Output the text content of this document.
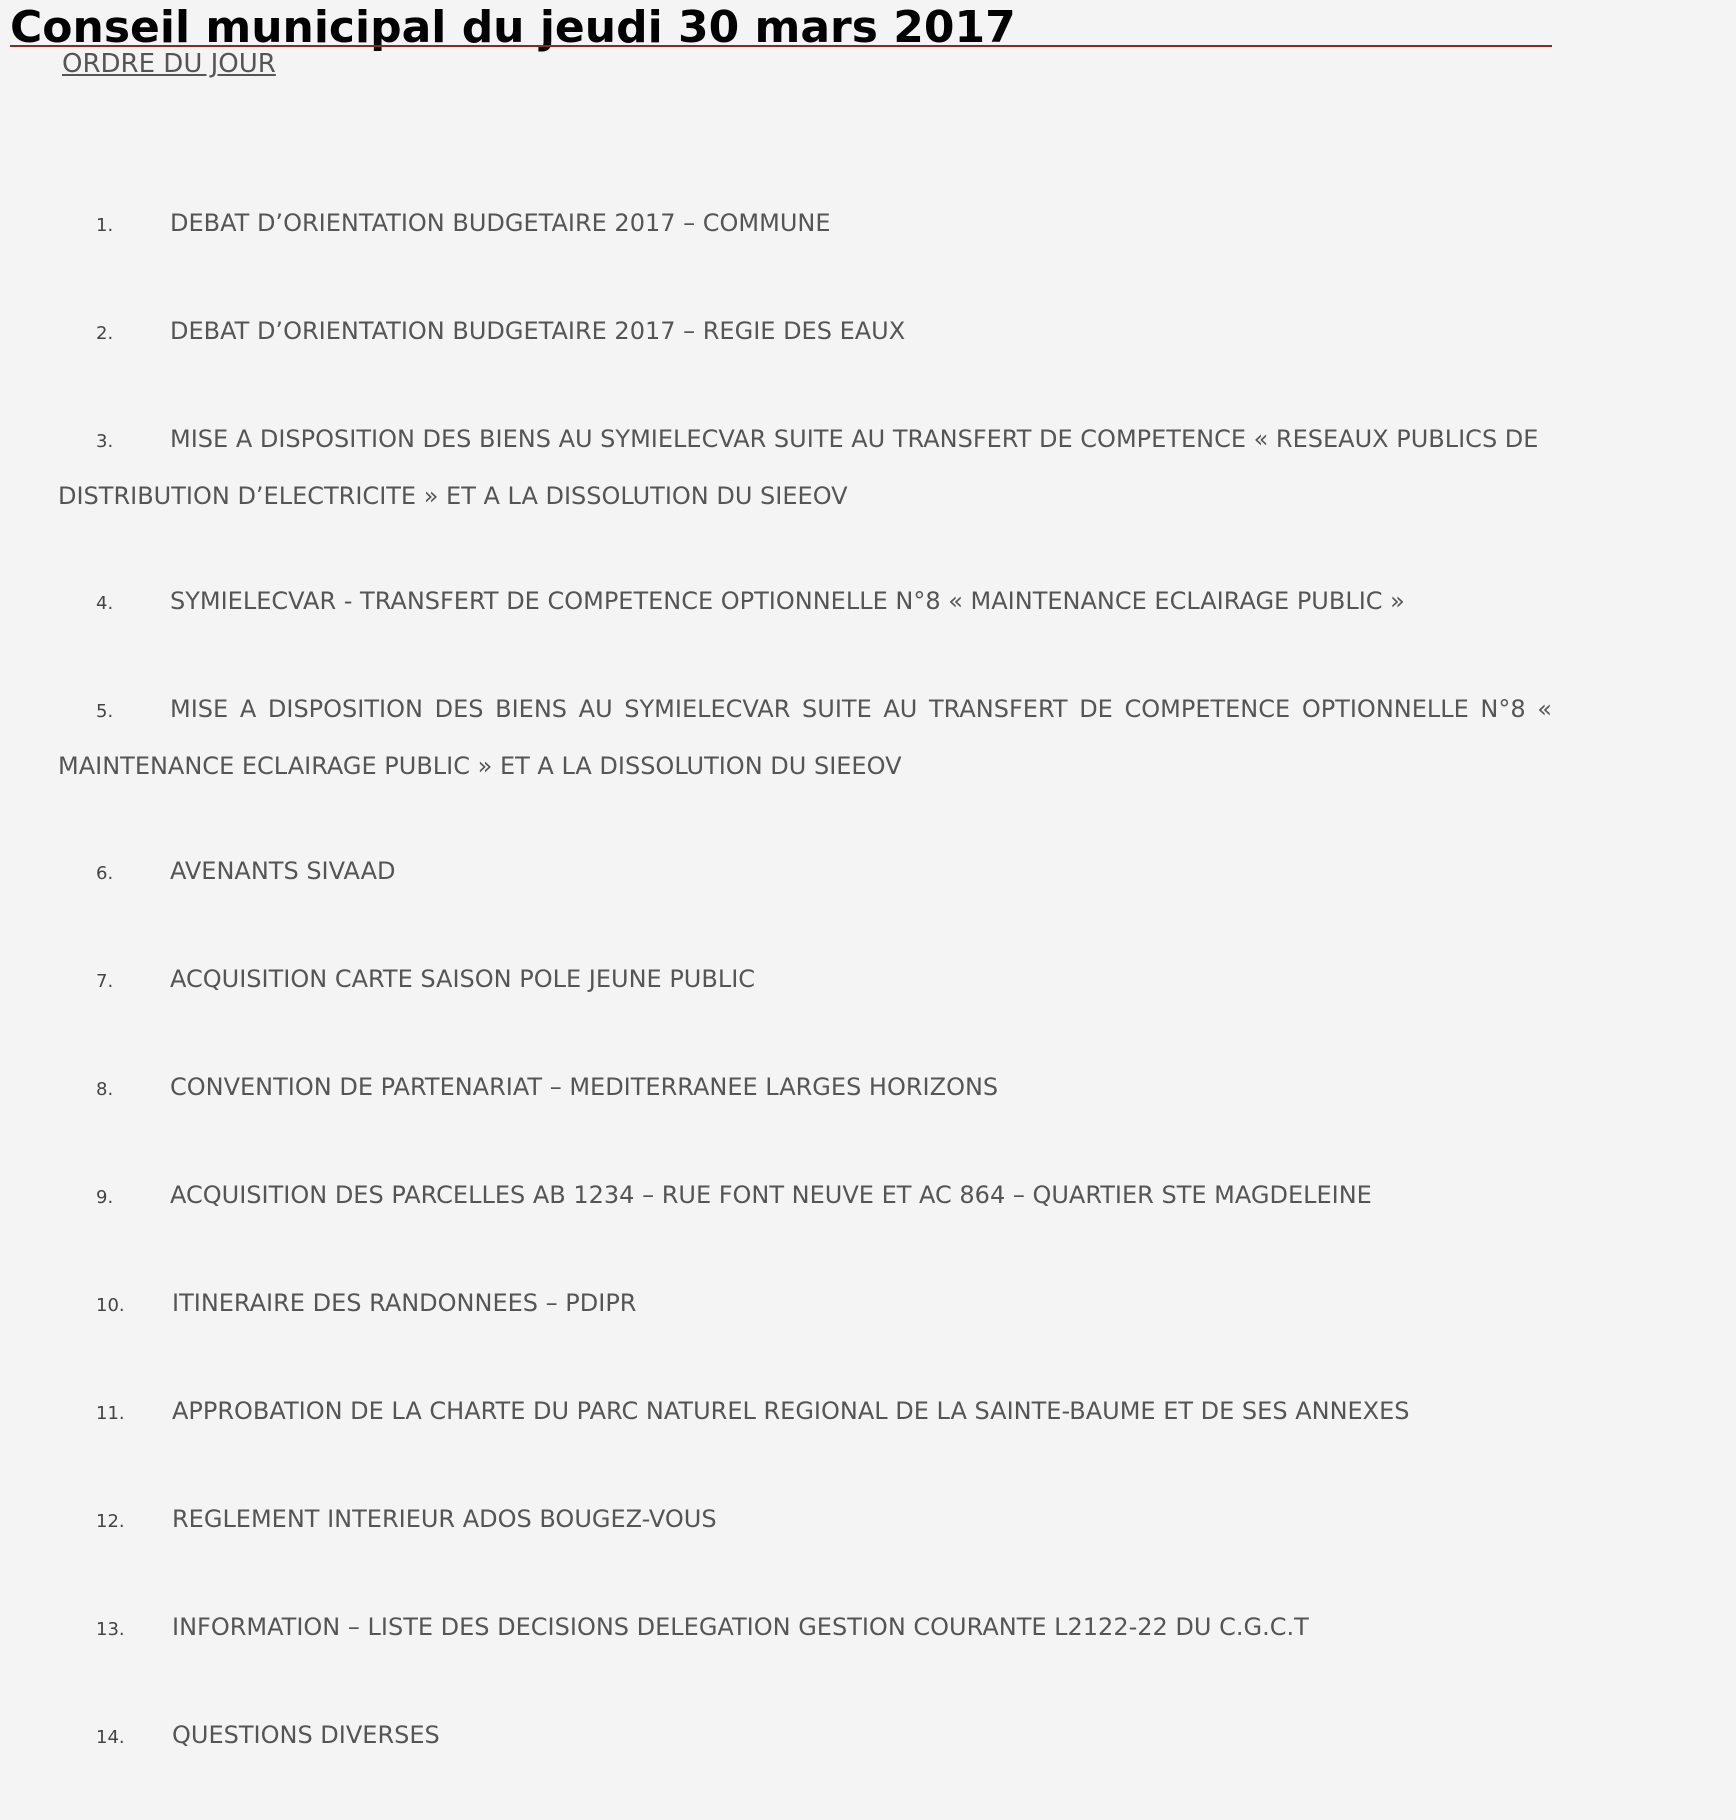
Conseil municipal du jeudi 30 mars 2017
ORDRE DU JOUR

1. DEBAT D’ORIENTATION BUDGETAIRE 2017 – COMMUNE

2. DEBAT D’ORIENTATION BUDGETAIRE 2017 – REGIE DES EAUX

3. MISE A DISPOSITION DES BIENS AU SYMIELECVAR SUITE AU TRANSFERT DE COMPETENCE « RESEAUX PUBLICS DE DISTRIBUTION D’ELECTRICITE » ET A LA DISSOLUTION DU SIEEOV

4. SYMIELECVAR - TRANSFERT DE COMPETENCE OPTIONNELLE N°8 « MAINTENANCE ECLAIRAGE PUBLIC »

5. MISE A DISPOSITION DES BIENS AU SYMIELECVAR SUITE AU TRANSFERT DE COMPETENCE OPTIONNELLE N°8 « MAINTENANCE ECLAIRAGE PUBLIC » ET A LA DISSOLUTION DU SIEEOV

6. AVENANTS SIVAAD

7. ACQUISITION CARTE SAISON POLE JEUNE PUBLIC

8. CONVENTION DE PARTENARIAT – MEDITERRANEE LARGES HORIZONS

9. ACQUISITION DES PARCELLES AB 1234 – RUE FONT NEUVE ET AC 864 – QUARTIER STE MAGDELEINE

10. ITINERAIRE DES RANDONNEES – PDIPR

11. APPROBATION DE LA CHARTE DU PARC NATUREL REGIONAL DE LA SAINTE-BAUME ET DE SES ANNEXES

12. REGLEMENT INTERIEUR ADOS BOUGEZ-VOUS

13. INFORMATION – LISTE DES DECISIONS DELEGATION GESTION COURANTE L2122-22 DU C.G.C.T

14. QUESTIONS DIVERSES
